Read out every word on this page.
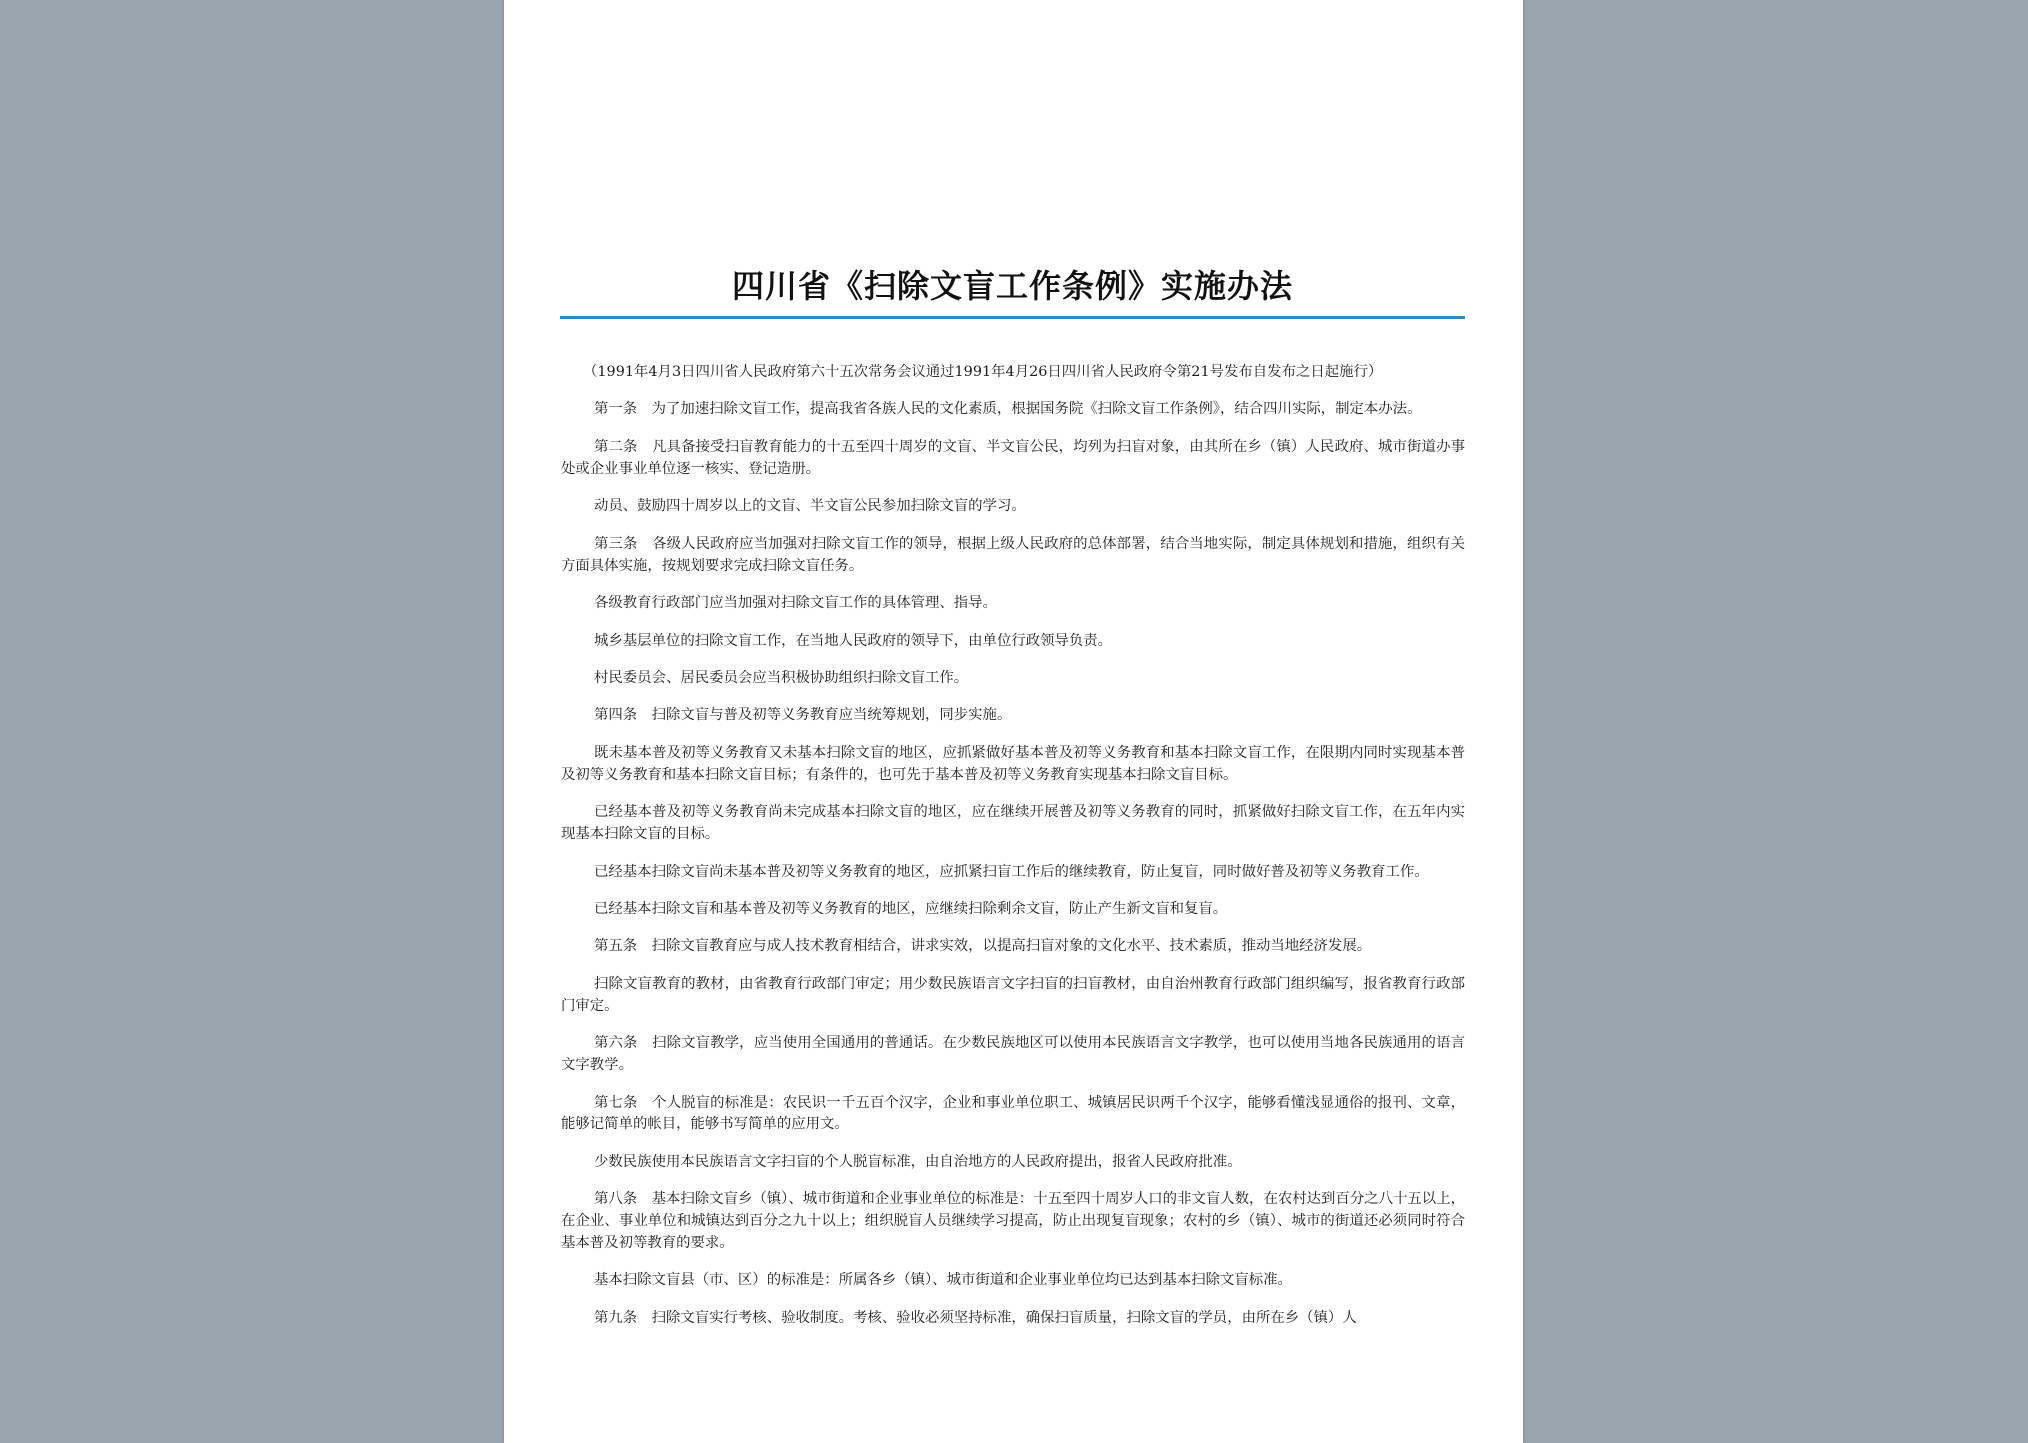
四川省《扫除文盲工作条例》实施办法

（1991年4月3日四川省人民政府第六十五次常务会议通过1991年4月26日四川省人民政府令第21号发布自发布之日起施行）

第一条　为了加速扫除文盲工作，提高我省各族人民的文化素质，根据国务院《扫除文盲工作条例》，结合四川实际，制定本办法。

第二条　凡具备接受扫盲教育能力的十五至四十周岁的文盲、半文盲公民，均列为扫盲对象，由其所在乡（镇）人民政府、城市街道办事处或企业事业单位逐一核实、登记造册。

动员、鼓励四十周岁以上的文盲、半文盲公民参加扫除文盲的学习。

第三条　各级人民政府应当加强对扫除文盲工作的领导，根据上级人民政府的总体部署，结合当地实际，制定具体规划和措施，组织有关方面具体实施，按规划要求完成扫除文盲任务。

各级教育行政部门应当加强对扫除文盲工作的具体管理、指导。

城乡基层单位的扫除文盲工作，在当地人民政府的领导下，由单位行政领导负责。

村民委员会、居民委员会应当积极协助组织扫除文盲工作。

第四条　扫除文盲与普及初等义务教育应当统筹规划，同步实施。

既未基本普及初等义务教育又未基本扫除文盲的地区，应抓紧做好基本普及初等义务教育和基本扫除文盲工作，在限期内同时实现基本普及初等义务教育和基本扫除文盲目标；有条件的，也可先于基本普及初等义务教育实现基本扫除文盲目标。

已经基本普及初等义务教育尚未完成基本扫除文盲的地区，应在继续开展普及初等义务教育的同时，抓紧做好扫除文盲工作，在五年内实现基本扫除文盲的目标。

已经基本扫除文盲尚未基本普及初等义务教育的地区，应抓紧扫盲工作后的继续教育，防止复盲，同时做好普及初等义务教育工作。

已经基本扫除文盲和基本普及初等义务教育的地区，应继续扫除剩余文盲，防止产生新文盲和复盲。

第五条　扫除文盲教育应与成人技术教育相结合，讲求实效，以提高扫盲对象的文化水平、技术素质，推动当地经济发展。

扫除文盲教育的教材，由省教育行政部门审定；用少数民族语言文字扫盲的扫盲教材，由自治州教育行政部门组织编写，报省教育行政部门审定。

第六条　扫除文盲教学，应当使用全国通用的普通话。在少数民族地区可以使用本民族语言文字教学，也可以使用当地各民族通用的语言文字教学。

第七条　个人脱盲的标准是：农民识一千五百个汉字，企业和事业单位职工、城镇居民识两千个汉字，能够看懂浅显通俗的报刊、文章，能够记简单的帐目，能够书写简单的应用文。

少数民族使用本民族语言文字扫盲的个人脱盲标准，由自治地方的人民政府提出，报省人民政府批准。

第八条　基本扫除文盲乡（镇）、城市街道和企业事业单位的标准是：十五至四十周岁人口的非文盲人数，在农村达到百分之八十五以上，在企业、事业单位和城镇达到百分之九十以上；组织脱盲人员继续学习提高，防止出现复盲现象；农村的乡（镇）、城市的街道还必须同时符合基本普及初等教育的要求。

基本扫除文盲县（市、区）的标准是：所属各乡（镇）、城市街道和企业事业单位均已达到基本扫除文盲标准。

第九条　扫除文盲实行考核、验收制度。考核、验收必须坚持标准，确保扫盲质量，扫除文盲的学员，由所在乡（镇）人
